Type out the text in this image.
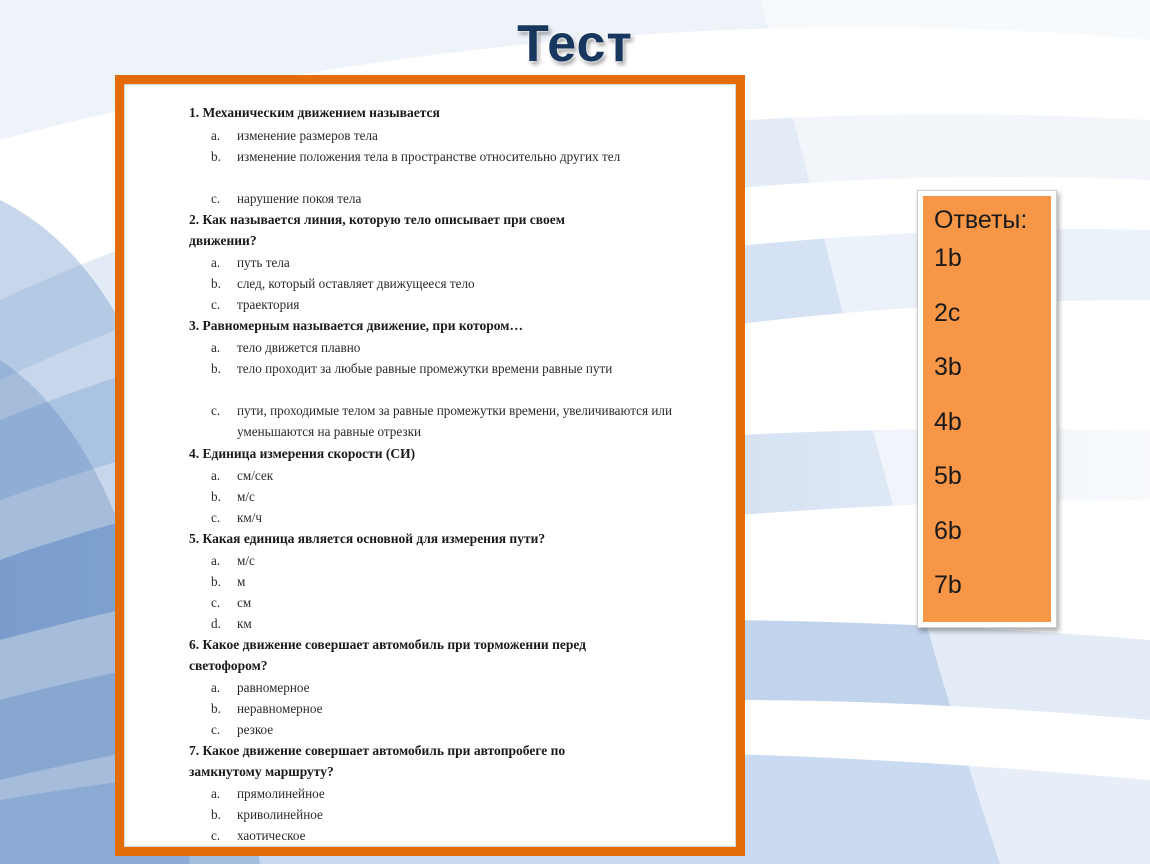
Тест
1. Механическим движением называется
a. изменение размеров тела
b. изменение положения тела в пространстве относительно других тел
c. нарушение покоя тела
2. Как называется линия, которую тело описывает при своем
движении?
a. путь тела
b. след, который оставляет движущееся тело
c. траектория
3. Равномерным называется движение, при котором…
a. тело движется плавно
b. тело проходит за любые равные промежутки времени равные пути
c. пути, проходимые телом за равные промежутки времени, увеличиваются или уменьшаются на равные отрезки
4. Единица измерения скорости (СИ)
a. см/сек
b. м/с
c. км/ч
5. Какая единица является основной для измерения пути?
a. м/с
b. м
c. см
d. км
6. Какое движение совершает автомобиль при торможении перед
светофором?
a. равномерное
b. неравномерное
c. резкое
7. Какое движение совершает автомобиль при автопробеге по
замкнутому маршруту?
a. прямолинейное
b. криволинейное
c. хаотическое
Ответы:
1b
2c
3b
4b
5b
6b
7b
